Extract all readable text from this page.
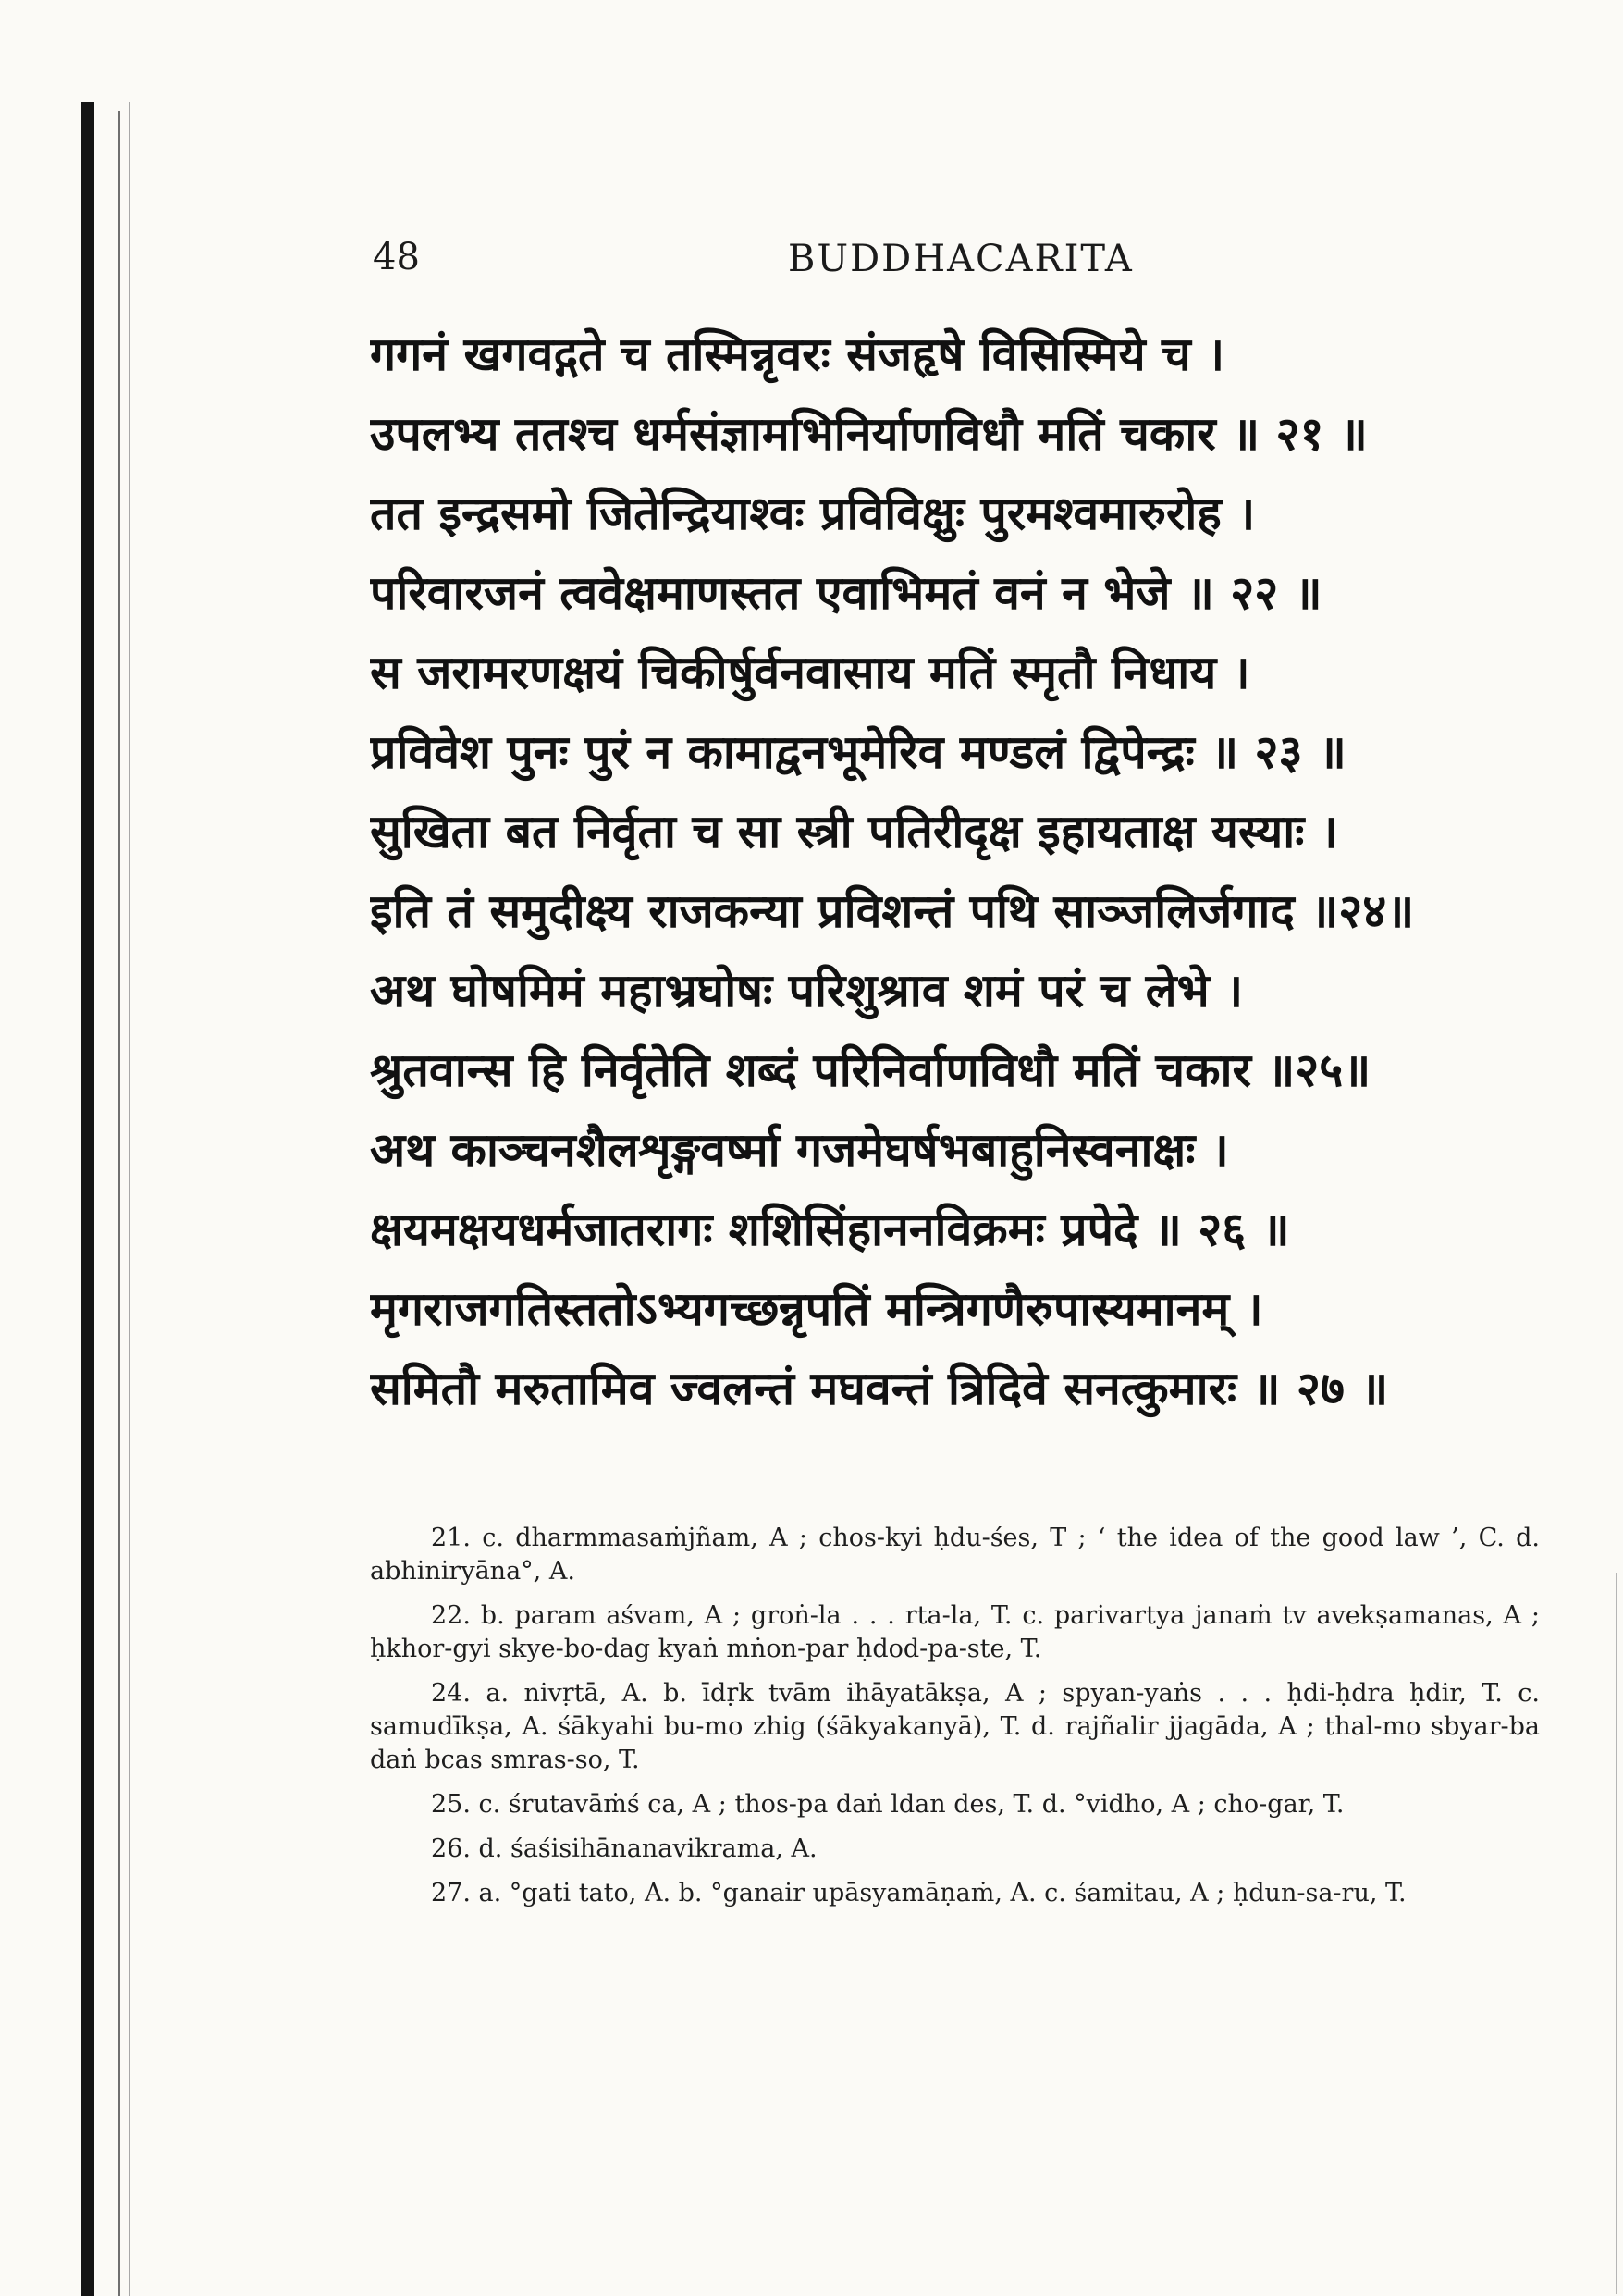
48	BUDDHACARITA
गगनं खगवद्गते च तस्मिन्नृवरः संजहृषे विसिस्मिये च ।
उपलभ्य ततश्च धर्मसंज्ञामभिनिर्याणविधौ मतिं चकार ॥ २१ ॥
तत इन्द्रसमो जितेन्द्रियाश्वः प्रविविक्षुः पुरमश्वमारुरोह ।
परिवारजनं त्ववेक्षमाणस्तत एवाभिमतं वनं न भेजे ॥ २२ ॥
स जरामरणक्षयं चिकीर्षुर्वनवासाय मतिं स्मृतौ निधाय ।
प्रविवेश पुनः पुरं न कामाद्वनभूमेरिव मण्डलं द्विपेन्द्रः ॥ २३ ॥
सुखिता बत निर्वृता च सा स्त्री पतिरीदृक्ष इहायताक्ष यस्याः ।
इति तं समुदीक्ष्य राजकन्या प्रविशन्तं पथि साञ्जलिर्जगाद ॥२४॥
अथ घोषमिमं महाभ्रघोषः परिशुश्राव शमं परं च लेभे ।
श्रुतवान्स हि निर्वृतेति शब्दं परिनिर्वाणविधौ मतिं चकार ॥२५॥
अथ काञ्चनशैलशृङ्गवर्ष्मा गजमेघर्षभबाहुनिस्वनाक्षः ।
क्षयमक्षयधर्मजातरागः शशिसिंहाननविक्रमः प्रपेदे ॥ २६ ॥
मृगराजगतिस्ततोऽभ्यगच्छन्नृपतिं मन्त्रिगणैरुपास्यमानम् ।
समितौ मरुतामिव ज्वलन्तं मघवन्तं त्रिदिवे सनत्कुमारः ॥ २७ ॥

21. c. dharmmasaṁjñam, A ; chos-kyi ḥdu-śes, T ; ‘ the idea of the good law ’, C. d. abhiniryāna°, A.

22. b. param aśvam, A ; groṅ-la . . . rta-la, T. c. parivartya janaṁ tv avekṣamanas, A ; ḥkhor-gyi skye-bo-dag kyaṅ mṅon-par ḥdod-pa-ste, T.

24. a. nivṛtā, A. b. īdṛk tvām ihāyatākṣa, A ; spyan-yaṅs . . . ḥdi-ḥdra ḥdir, T. c. samudīkṣa, A. śākyahi bu-mo zhig (śākyakanyā), T. d. rajñalir jjagāda, A ; thal-mo sbyar-ba daṅ bcas smras-so, T.

25. c. śrutavāṁś ca, A ; thos-pa daṅ ldan des, T. d. °vidho, A ; cho-gar, T.

26. d. śaśisihānanavikrama, A.

27. a. °gati tato, A. b. °ganair upāsyamāṇaṁ, A. c. śamitau, A ; ḥdun-sa-ru, T.
